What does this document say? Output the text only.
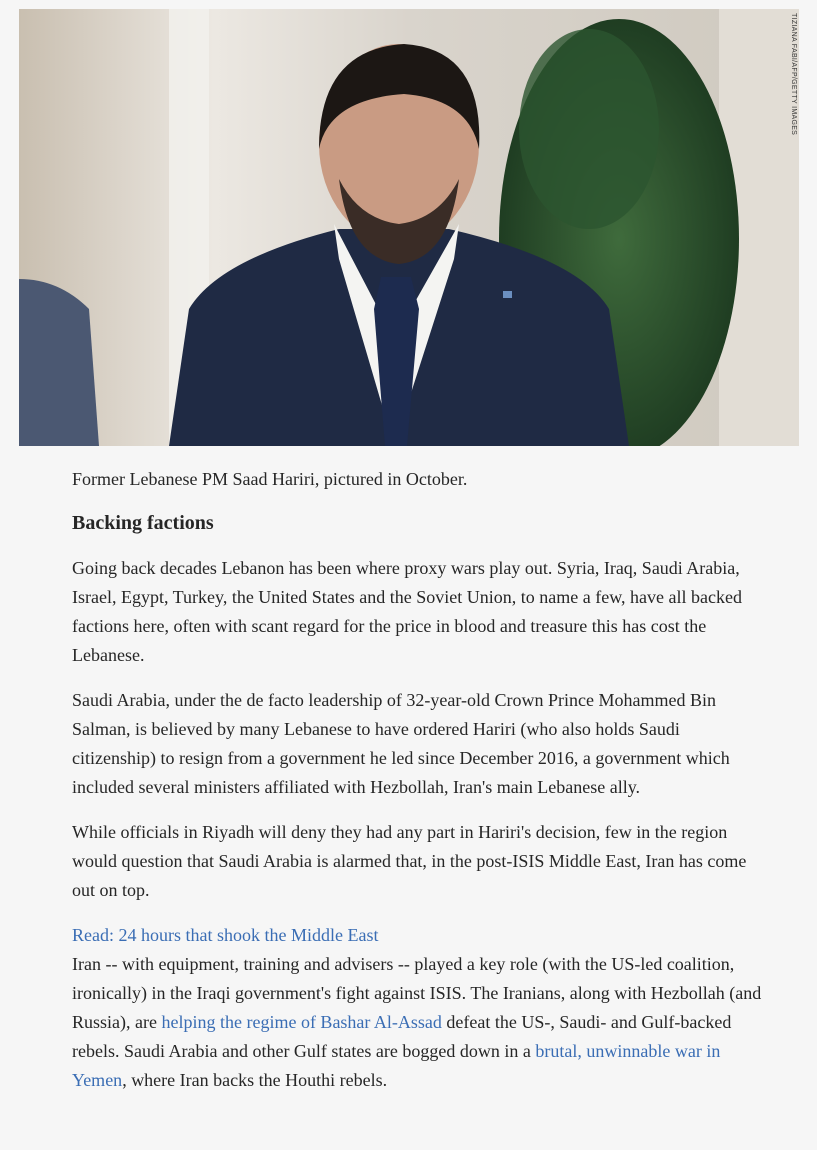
TIZIANA FABI/AFP/GETTY IMAGES

Former Lebanese PM Saad Hariri, pictured in October.

Backing factions

Going back decades Lebanon has been where proxy wars play out. Syria, Iraq, Saudi Arabia, Israel, Egypt, Turkey, the United States and the Soviet Union, to name a few, have all backed factions here, often with scant regard for the price in blood and treasure this has cost the Lebanese.

Saudi Arabia, under the de facto leadership of 32-year-old Crown Prince Mohammed Bin Salman, is believed by many Lebanese to have ordered Hariri (who also holds Saudi citizenship) to resign from a government he led since December 2016, a government which included several ministers affiliated with Hezbollah, Iran's main Lebanese ally.

While officials in Riyadh will deny they had any part in Hariri's decision, few in the region would question that Saudi Arabia is alarmed that, in the post-ISIS Middle East, Iran has come out on top.

Read: 24 hours that shook the Middle East

Iran -- with equipment, training and advisers -- played a key role (with the US-led coalition, ironically) in the Iraqi government's fight against ISIS. The Iranians, along with Hezbollah (and Russia), are helping the regime of Bashar Al-Assad defeat the US-, Saudi- and Gulf-backed rebels. Saudi Arabia and other Gulf states are bogged down in a brutal, unwinnable war in Yemen, where Iran backs the Houthi rebels.
